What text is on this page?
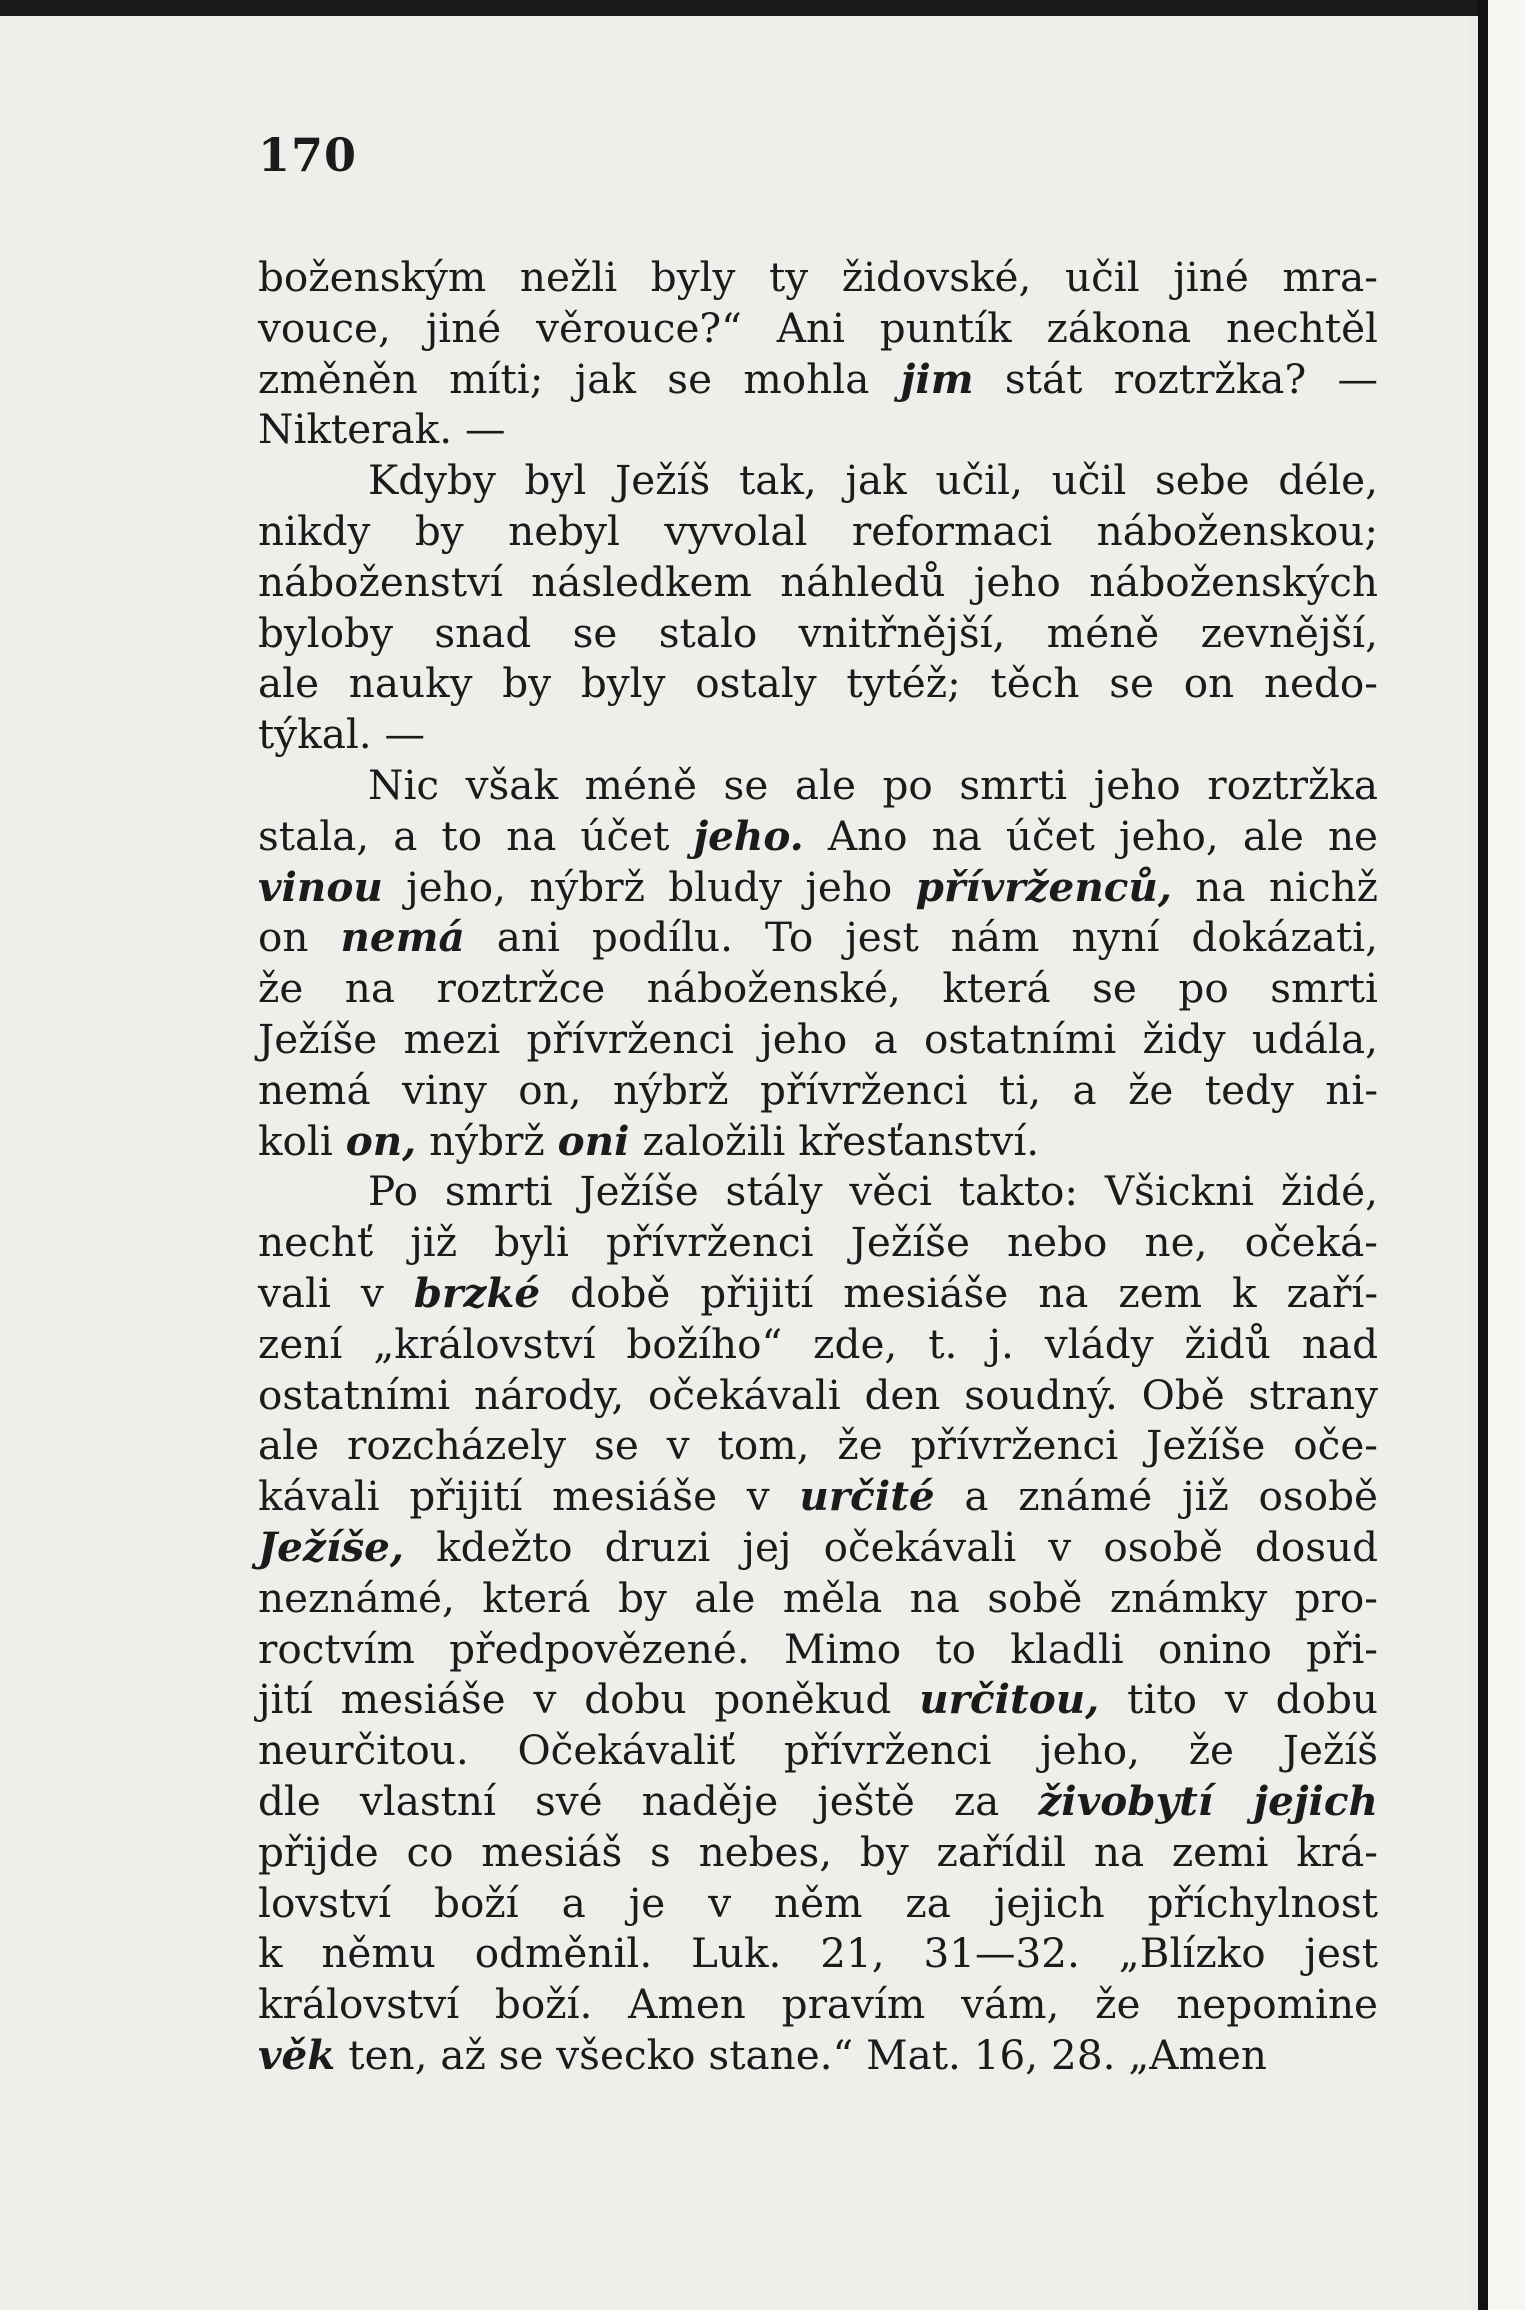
170
boženským nežli byly ty židovské, učil jiné mra-
vouce, jiné věrouce?“ Ani puntík zákona nechtěl
změněn míti; jak se mohla jim stát roztržka? —
Nikterak. —
Kdyby byl Ježíš tak, jak učil, učil sebe déle,
nikdy by nebyl vyvolal reformaci náboženskou;
náboženství následkem náhledů jeho náboženských
byloby snad se stalo vnitřnější, méně zevnější,
ale nauky by byly ostaly tytéž; těch se on nedo-
týkal. —
Nic však méně se ale po smrti jeho roztržka
stala, a to na účet jeho. Ano na účet jeho, ale ne
vinou jeho, nýbrž bludy jeho přívrženců, na nichž
on nemá ani podílu. To jest nám nyní dokázati,
že na roztržce náboženské, která se po smrti
Ježíše mezi přívrženci jeho a ostatními židy udála,
nemá viny on, nýbrž přívrženci ti, a že tedy ni-
koli on, nýbrž oni založili křesťanství.
Po smrti Ježíše stály věci takto: Všickni židé,
nechť již byli přívrženci Ježíše nebo ne, očeká-
vali v brzké době přijití mesiáše na zem k zaří-
zení „království božího“ zde, t. j. vlády židů nad
ostatními národy, očekávali den soudný. Obě strany
ale rozcházely se v tom, že přívrženci Ježíše oče-
kávali přijití mesiáše v určité a známé již osobě
Ježíše, kdežto druzi jej očekávali v osobě dosud
neznámé, která by ale měla na sobě známky pro-
roctvím předpovězené. Mimo to kladli onino při-
jití mesiáše v dobu poněkud určitou, tito v dobu
neurčitou. Očekávaliť přívrženci jeho, že Ježíš
dle vlastní své naděje ještě za živobytí jejich
přijde co mesiáš s nebes, by zařídil na zemi krá-
lovství boží a je v něm za jejich příchylnost
k němu odměnil. Luk. 21, 31—32. „Blízko jest
království boží. Amen pravím vám, že nepomine
věk ten, až se všecko stane.“ Mat. 16, 28. „Amen
